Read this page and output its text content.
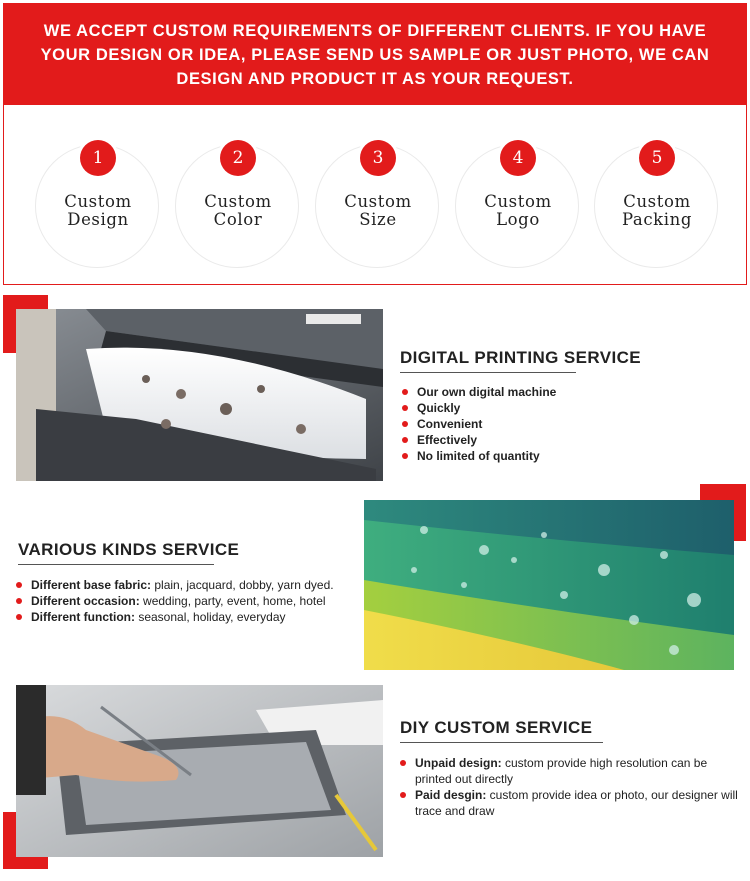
WE ACCEPT CUSTOM REQUIREMENTS OF DIFFERENT CLIENTS. IF YOU HAVE
YOUR DESIGN OR IDEA, PLEASE SEND US SAMPLE OR JUST PHOTO, WE CAN
DESIGN AND PRODUCT IT AS YOUR REQUEST.
1
Custom
Design
2
Custom
Color
3
Custom
Size
4
Custom
Logo
5
Custom
Packing
DIGITAL PRINTING SERVICE
Our own digital machine
Quickly
Convenient
Effectively
No limited of quantity
VARIOUS KINDS SERVICE
Different base fabric: plain, jacquard, dobby, yarn dyed.
Different occasion: wedding, party, event, home, hotel
Different function: seasonal, holiday, everyday
DIY CUSTOM SERVICE
Unpaid design: custom provide high resolution can be printed out directly
Paid desgin: custom provide idea or photo, our designer will trace and draw
